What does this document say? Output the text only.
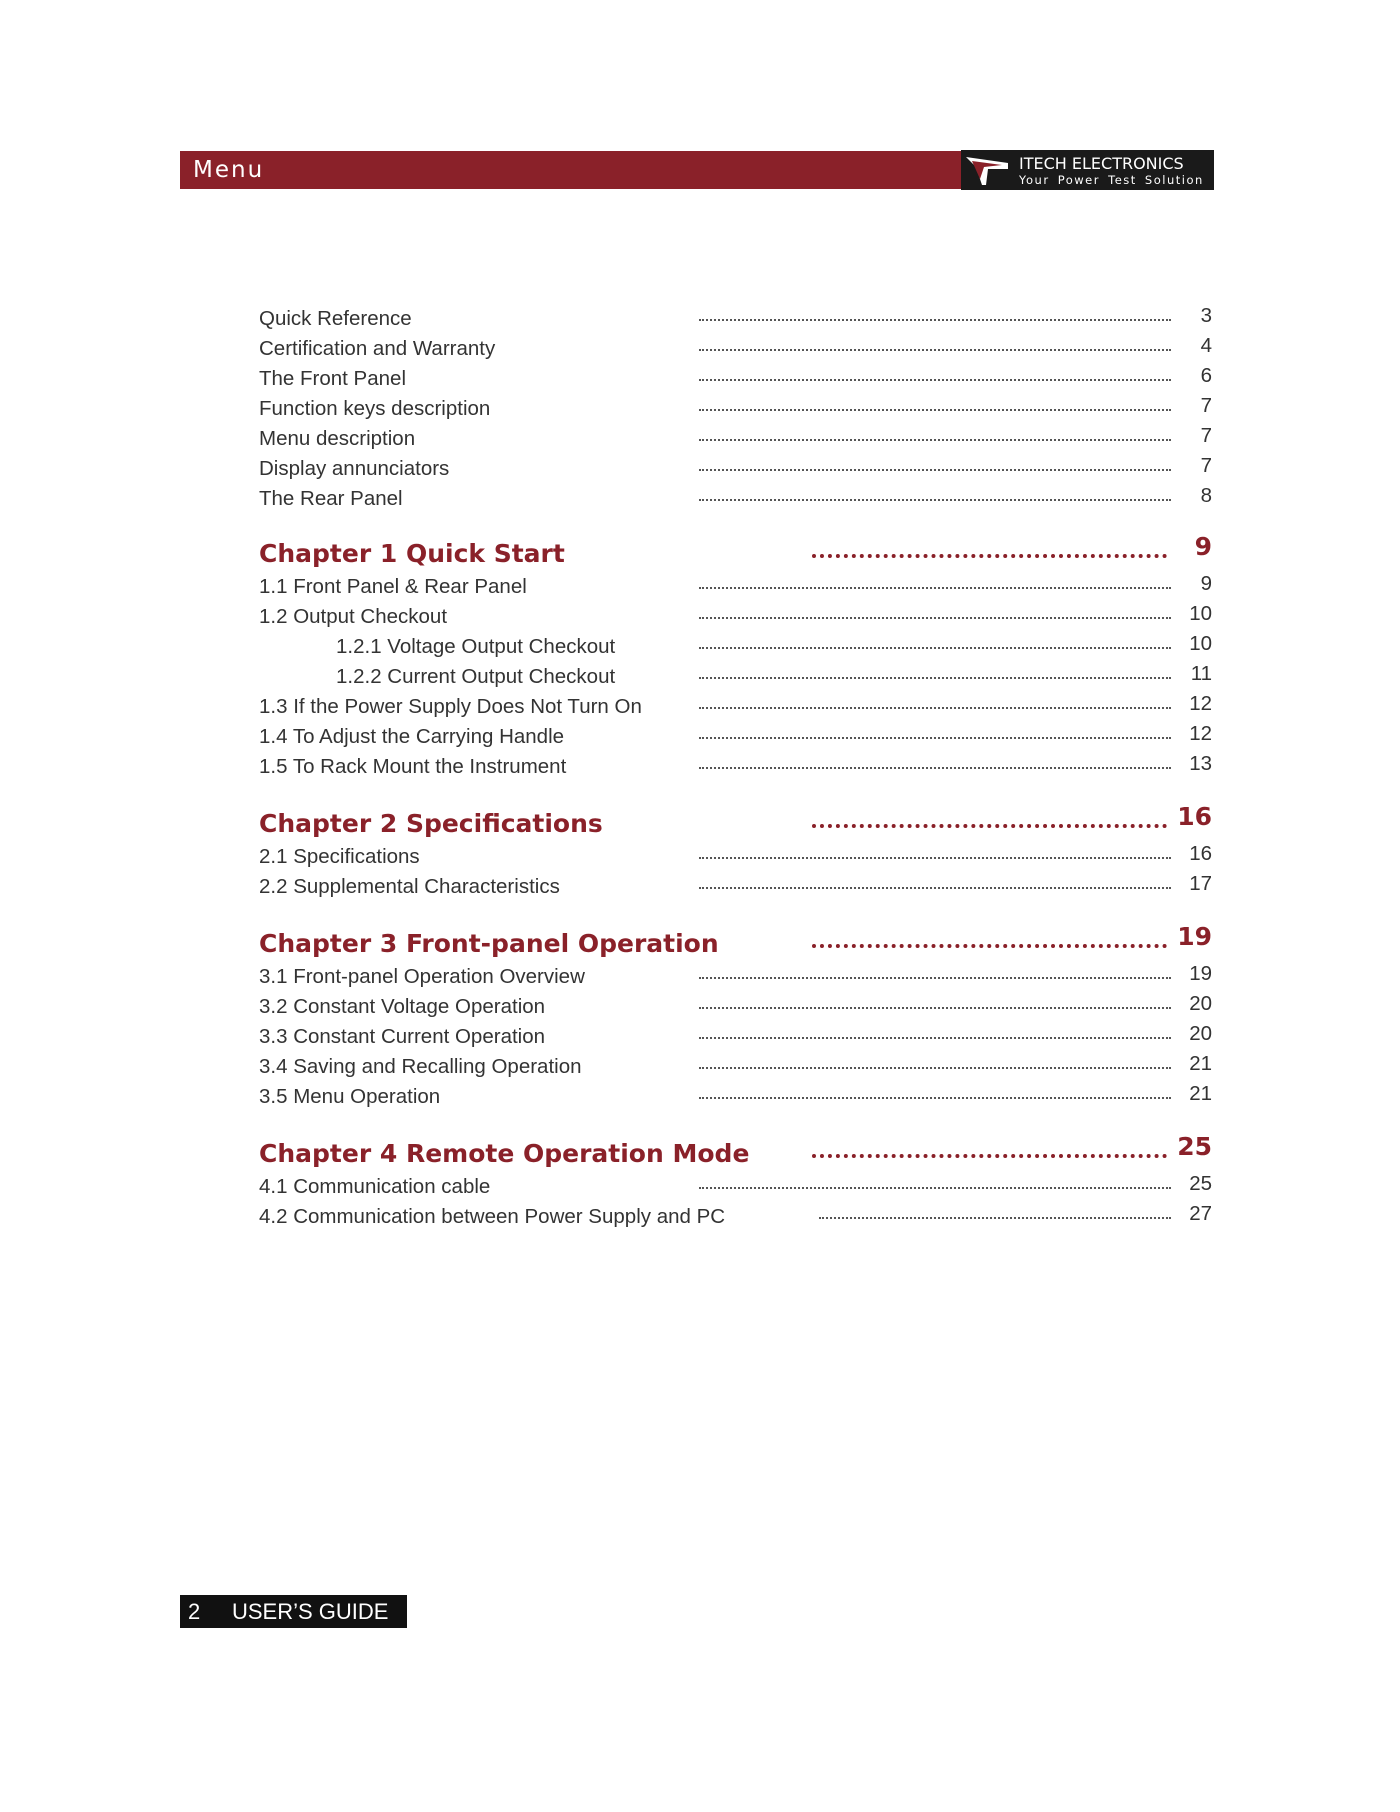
Menu	ITECH ELECTRONICS
Your Power Test Solution
Quick Reference	3
Certification and Warranty	4
The Front Panel	6
Function keys description	7
Menu description	7
Display annunciators	7
The Rear Panel	8
Chapter 1 Quick Start	9
1.1 Front Panel & Rear Panel	9
1.2 Output Checkout	10
1.2.1 Voltage Output Checkout	10
1.2.2 Current Output Checkout	11
1.3 If the Power Supply Does Not Turn On	12
1.4 To Adjust the Carrying Handle	12
1.5 To Rack Mount the Instrument	13
Chapter 2 Specifications	16
2.1 Specifications	16
2.2 Supplemental Characteristics	17
Chapter 3 Front-panel Operation	19
3.1 Front-panel Operation Overview	19
3.2 Constant Voltage Operation	20
3.3 Constant Current Operation	20
3.4 Saving and Recalling Operation	21
3.5 Menu Operation	21
Chapter 4 Remote Operation Mode	25
4.1 Communication cable	25
4.2 Communication between Power Supply and PC	27
2 USER’S GUIDE
